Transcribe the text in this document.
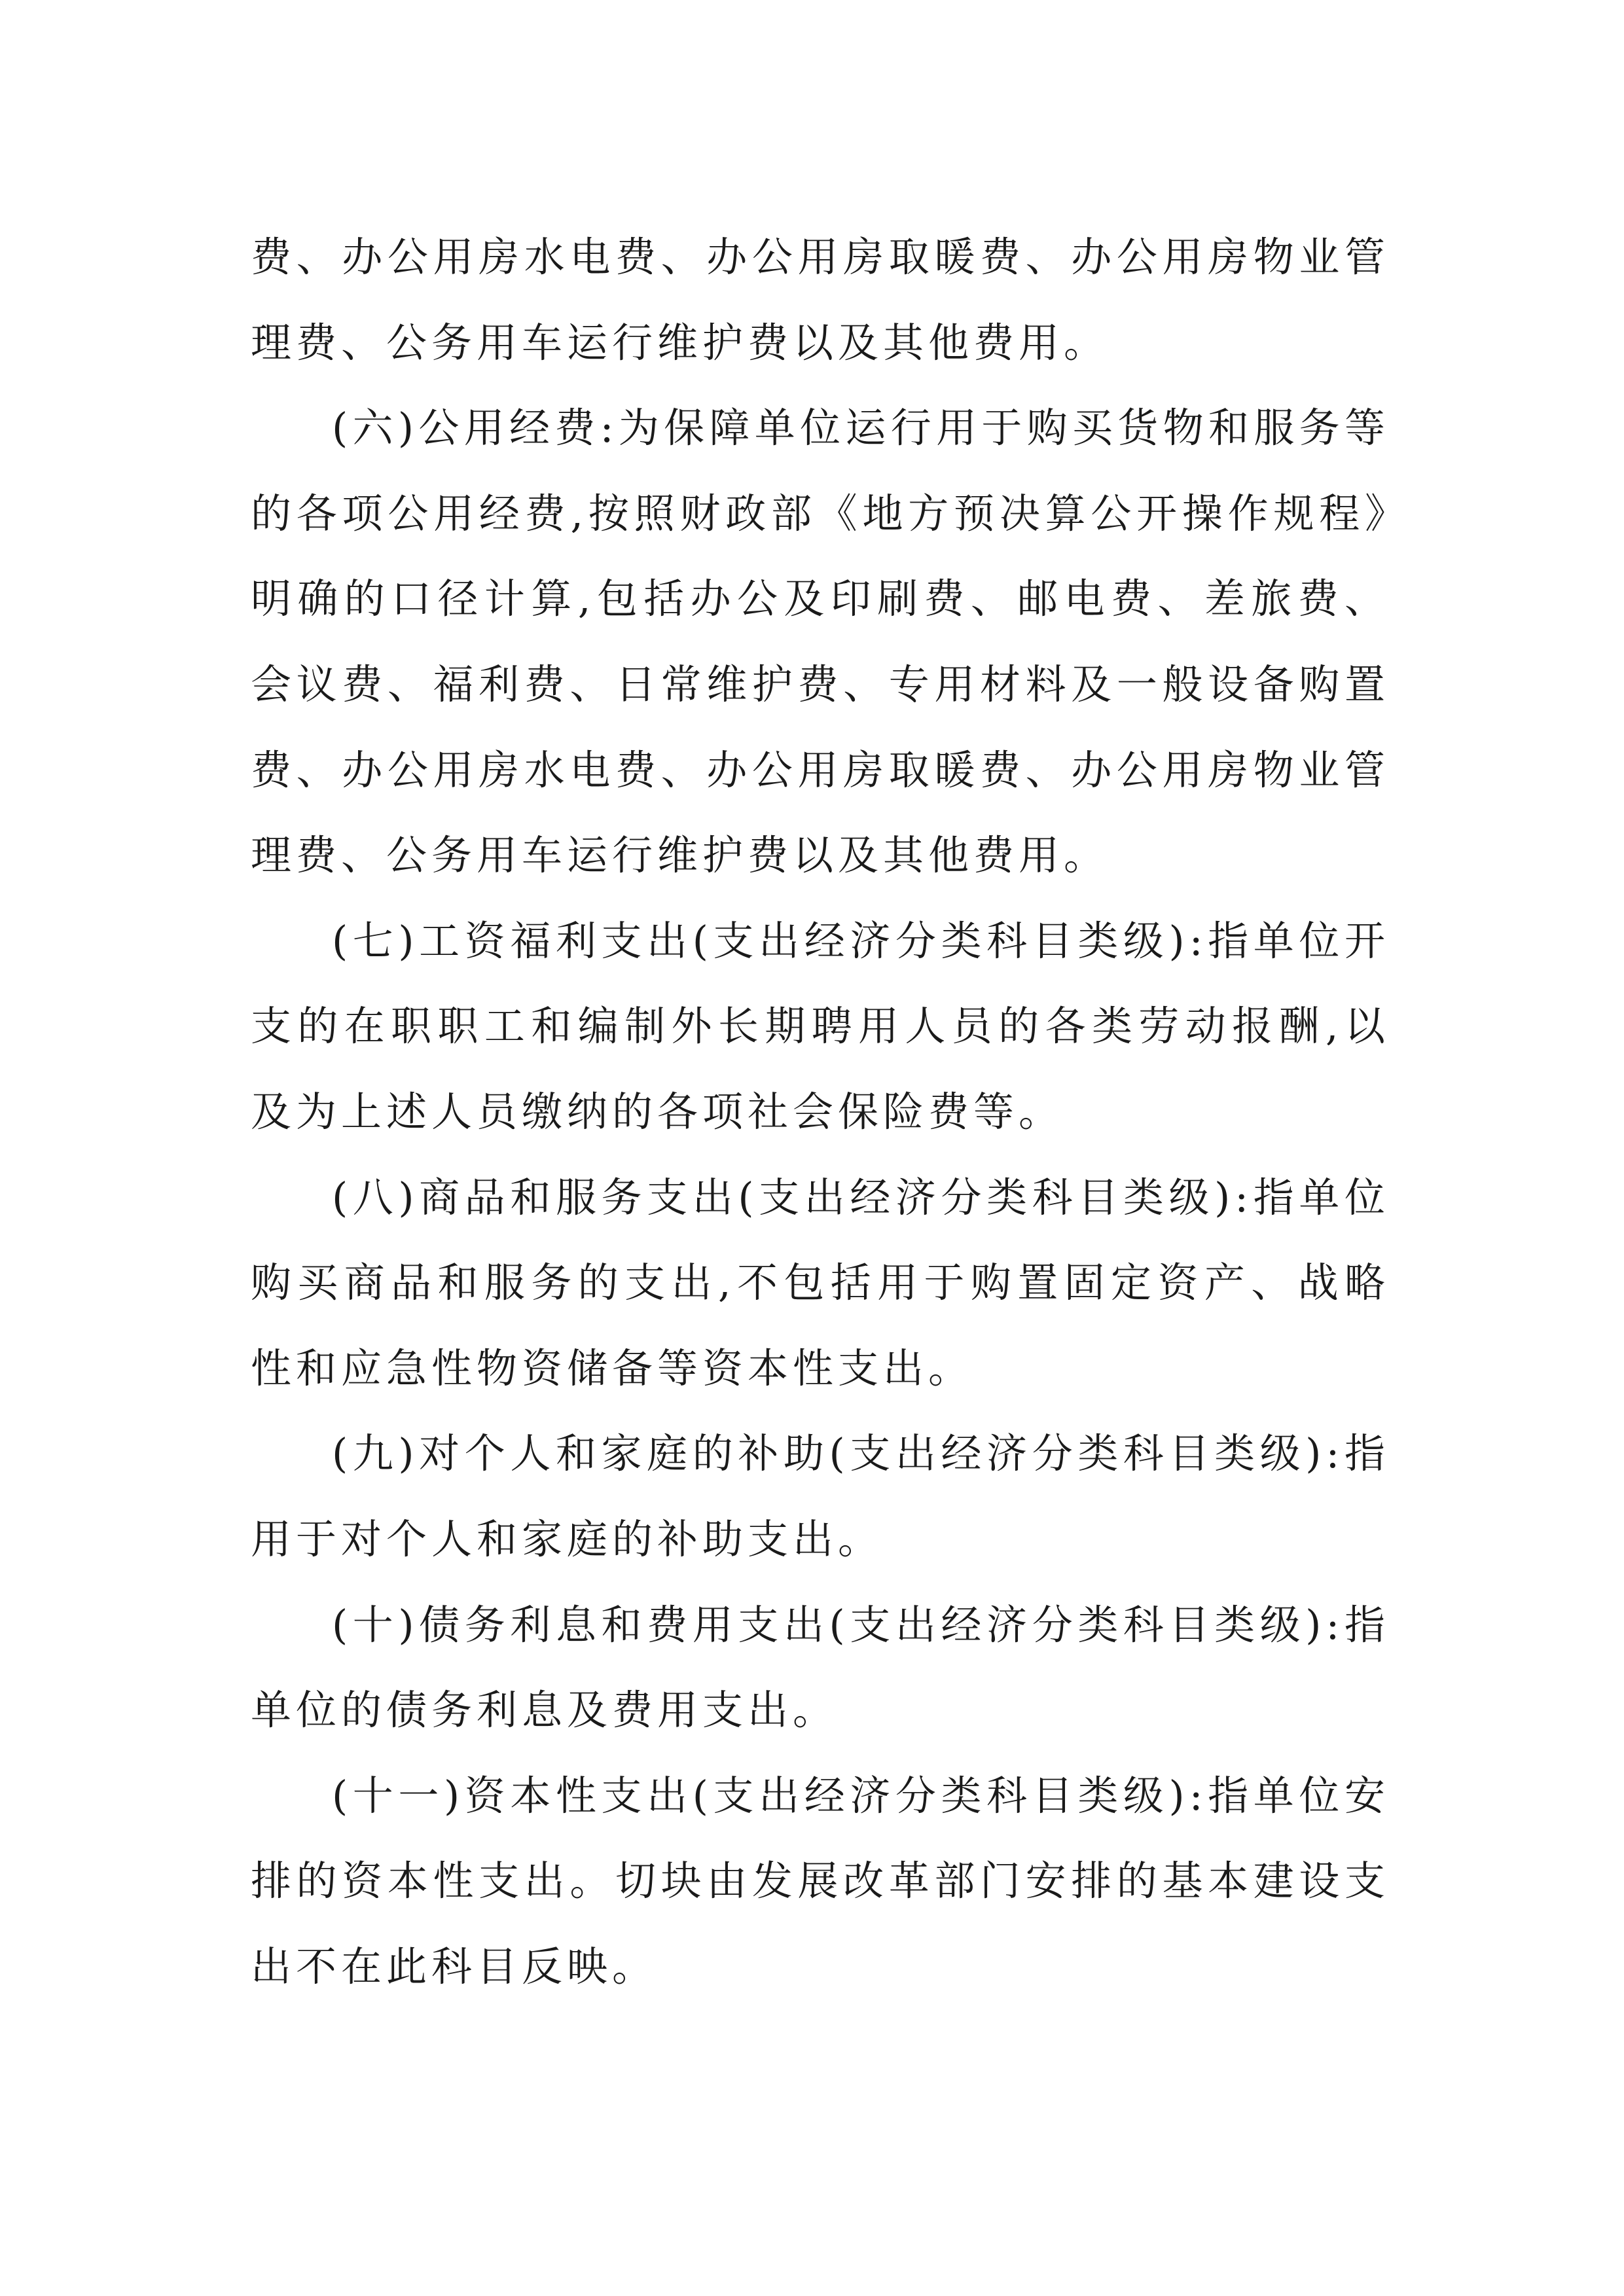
费、办公用房水电费、办公用房取暖费、办公用房物业管理费、公务用车运行维护费以及其他费用。

(六)公用经费:为保障单位运行用于购买货物和服务等的各项公用经费,按照财政部《地方预决算公开操作规程》明确的口径计算,包括办公及印刷费、邮电费、差旅费、会议费、福利费、日常维护费、专用材料及一般设备购置费、办公用房水电费、办公用房取暖费、办公用房物业管理费、公务用车运行维护费以及其他费用。

(七)工资福利支出(支出经济分类科目类级):指单位开支的在职职工和编制外长期聘用人员的各类劳动报酬,以及为上述人员缴纳的各项社会保险费等。

(八)商品和服务支出(支出经济分类科目类级):指单位购买商品和服务的支出,不包括用于购置固定资产、战略性和应急性物资储备等资本性支出。

(九)对个人和家庭的补助(支出经济分类科目类级):指用于对个人和家庭的补助支出。

(十)债务利息和费用支出(支出经济分类科目类级):指单位的债务利息及费用支出。

(十一)资本性支出(支出经济分类科目类级):指单位安排的资本性支出。切块由发展改革部门安排的基本建设支出不在此科目反映。
